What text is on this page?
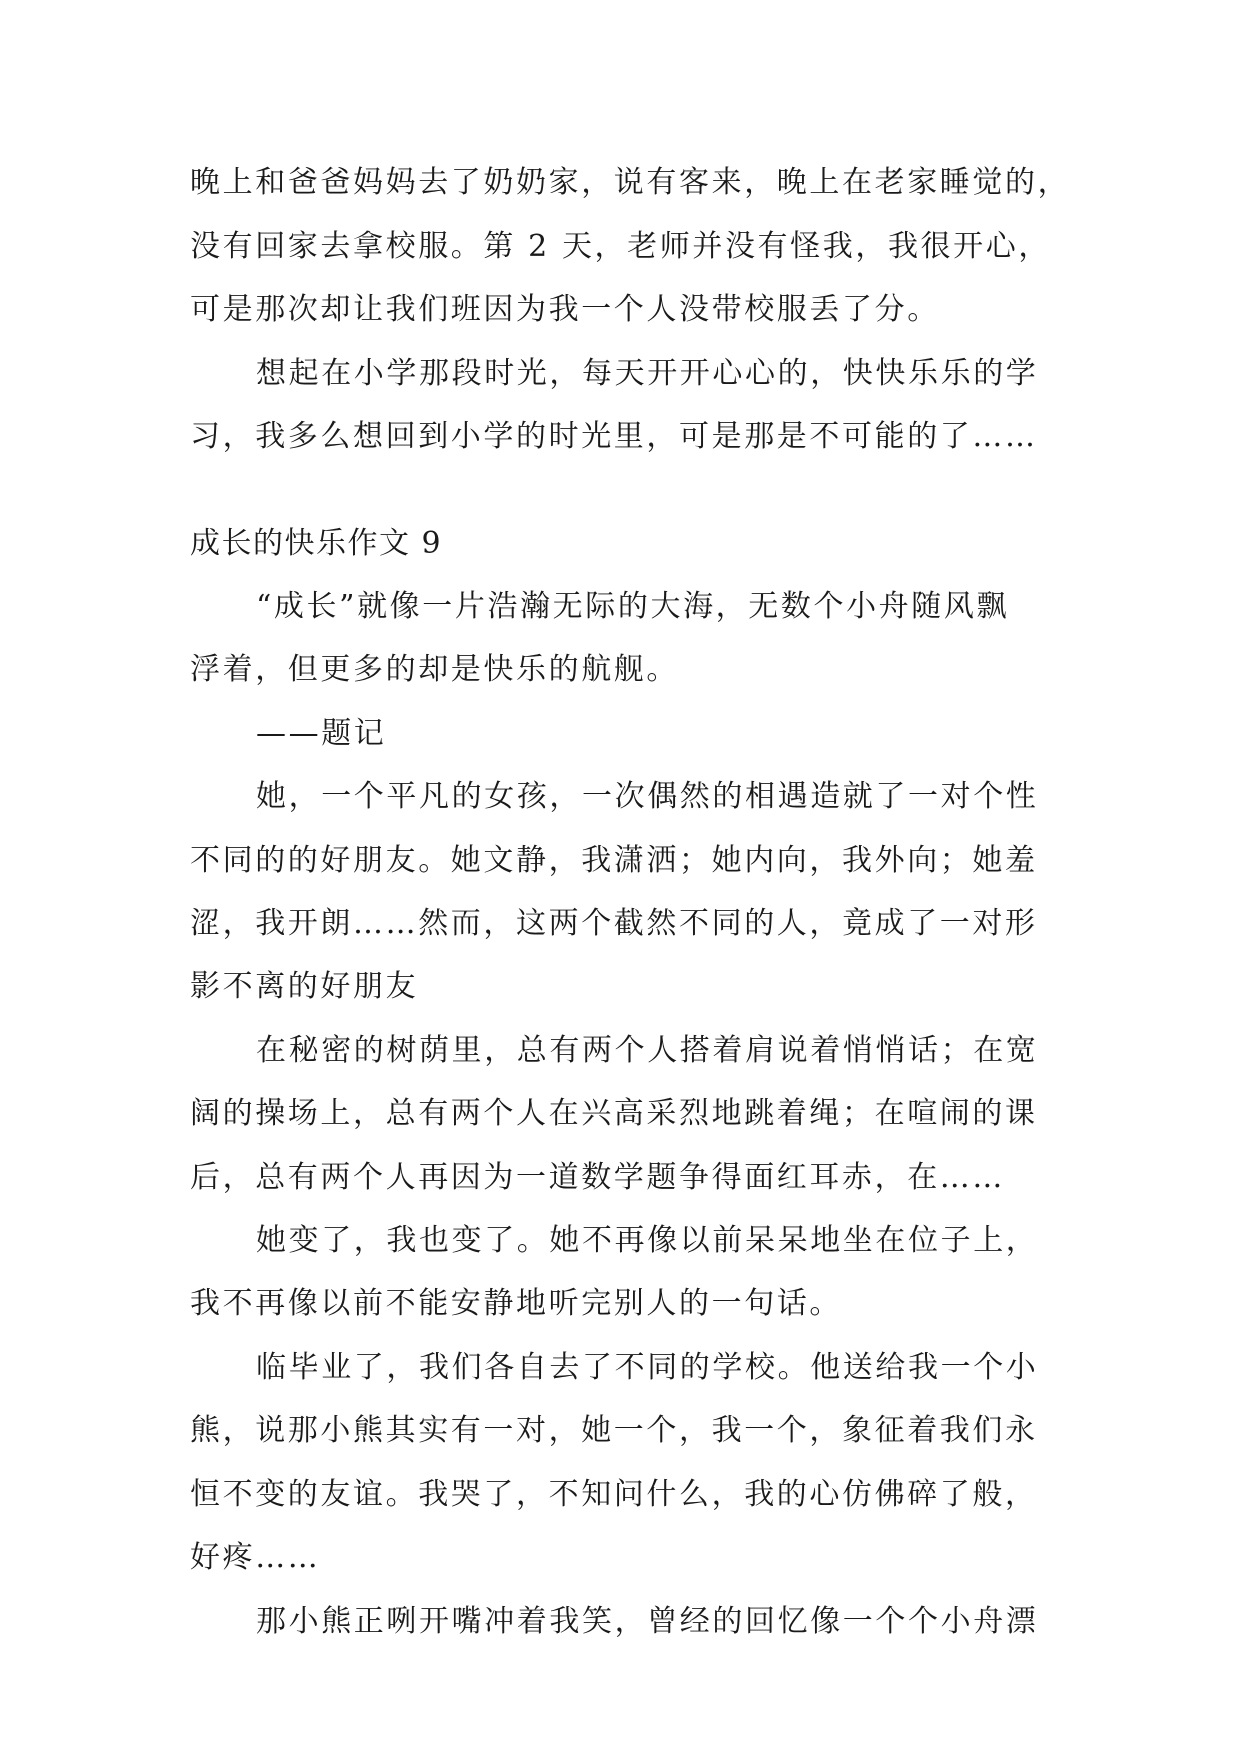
晚上和爸爸妈妈去了奶奶家，说有客来，晚上在老家睡觉的，
没有回家去拿校服。第 2 天，老师并没有怪我，我很开心，
可是那次却让我们班因为我一个人没带校服丢了分。
想起在小学那段时光，每天开开心心的，快快乐乐的学
习，我多么想回到小学的时光里，可是那是不可能的了……
成长的快乐作文 9
“成长”就像一片浩瀚无际的大海，无数个小舟随风飘
浮着，但更多的却是快乐的航舰。
——题记
她，一个平凡的女孩，一次偶然的相遇造就了一对个性
不同的的好朋友。她文静，我潇洒；她内向，我外向；她羞
涩，我开朗……然而，这两个截然不同的人，竟成了一对形
影不离的好朋友
在秘密的树荫里，总有两个人搭着肩说着悄悄话；在宽
阔的操场上，总有两个人在兴高采烈地跳着绳；在喧闹的课
后，总有两个人再因为一道数学题争得面红耳赤，在……
她变了，我也变了。她不再像以前呆呆地坐在位子上，
我不再像以前不能安静地听完别人的一句话。
临毕业了，我们各自去了不同的学校。他送给我一个小
熊，说那小熊其实有一对，她一个，我一个，象征着我们永
恒不变的友谊。我哭了，不知问什么，我的心仿佛碎了般，
好疼……
那小熊正咧开嘴冲着我笑，曾经的回忆像一个个小舟漂
